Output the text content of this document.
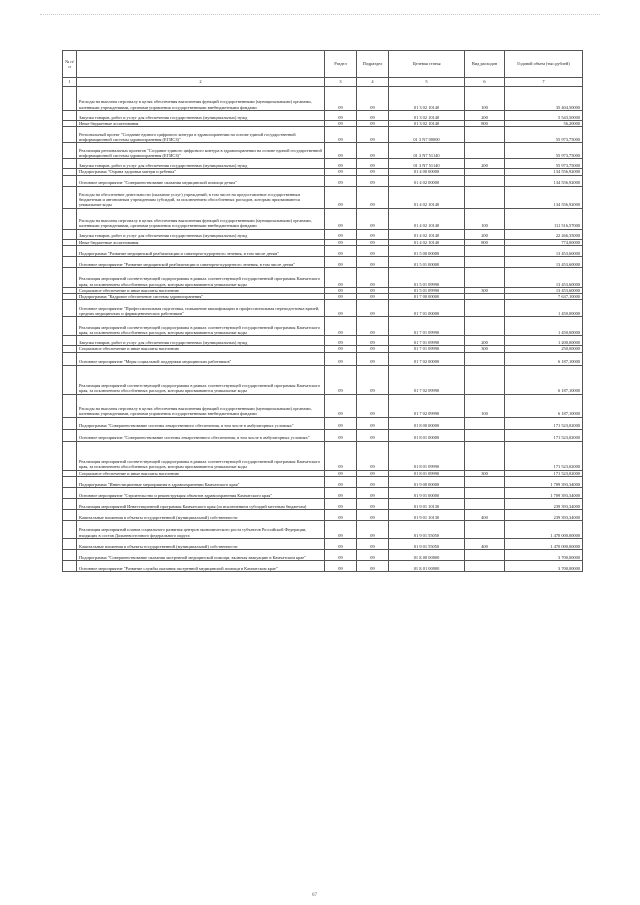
№ п/п		Раздел	Подраздел	Целевая статья	Вид расходов	Годовой объем (тыс.рублей)
1	2	3	4	5	6	7
	Расходы на выплаты персоналу в целях обеспечения выполнения функций государственными (муниципальными) органами, казенными учреждениями, органами управления государственными внебюджетными фондами	09	09	01 3 02 10140	100	35 404,50000
	Закупка товаров, работ и услуг для обеспечения государственных (муниципальных) нужд	09	09	01 3 02 10140	200	5 543,50000
	Иные бюджетные ассигнования	09	09	01 3 02 10140	800	56,20000
	Региональный проект "Создание единого цифрового контура в здравоохранении на основе единой государственной информационной системы здравоохранения (ЕГИСЗ)"	09	09	01 3 N7 00000		55 973,75000
	Реализация региональных проектов "Создание единого цифрового контура в здравоохранении на основе единой государственной информационной системы здравоохранения (ЕГИСЗ)"	09	09	01 3 N7 51140		55 973,75000
	Закупка товаров, работ и услуг для обеспечения государственных (муниципальных) нужд	09	09	01 3 N7 51140	200	55 973,75000
	Подпрограмма "Охрана здоровья матери и ребенка"	09	09	01 4 00 00000		134 556,92000
	Основное мероприятие "Совершенствование оказания медицинской помощи детям"	09	09	01 4 02 00000		134 556,92000
	Расходы на обеспечение деятельности (оказание услуг) учреждений, в том числе на предоставление государственным бюджетным и автономным учреждениям субсидий, за исключением обособленных расходов, которым присваиваются уникальные коды	09	09	01 4 02 10140		134 556,92000
	Расходы на выплаты персоналу в целях обеспечения выполнения функций государственными (муниципальными) органами, казенными учреждениями, органами управления государственными внебюджетными фондами	09	09	01 4 02 10140	100	111 516,57000
	Закупка товаров, работ и услуг для обеспечения государственных (муниципальных) нужд	09	09	01 4 02 10140	200	22 266,35000
	Иные бюджетные ассигнования	09	09	01 4 02 10140	800	774,00000
	Подпрограмма "Развитие медицинской реабилитации и санаторно-курортного лечения, в том числе детям"	09	09	01 5 00 00000		13 453,60000
	Основное мероприятие "Развитие медицинской реабилитации и санаторно-курортного лечения, в том числе детям"	09	09	01 5 01 00000		13 453,60000
	Реализация мероприятий соответствующей подпрограммы в рамках соответствующей государственной программы Камчатского края, за исключением обособленных расходов, которым присваиваются уникальные коды	09	09	01 5 01 09990		13 453,60000
	Социальное обеспечение и иные выплаты населению	09	09	01 5 01 09990	300	13 453,60000
	Подпрограмма "Кадровое обеспечение системы здравоохранения"	09	09	01 7 00 00000		7 637,10000
	Основное мероприятие "Профессиональная подготовка, повышение квалификации и профессиональная переподготовка врачей, средних медицинских и фармацевтических работников"	09	09	01 7 01 00000		1 450,00000
	Реализация мероприятий соответствующей подпрограммы в рамках соответствующей государственной программы Камчатского края, за исключением обособленных расходов, которым присваиваются уникальные коды	09	09	01 7 01 09990		1 450,00000
	Закупка товаров, работ и услуг для обеспечения государственных (муниципальных) нужд	09	09	01 7 01 09990	200	1 200,00000
	Социальное обеспечение и иные выплаты населению	09	09	01 7 01 09990	300	250,00000
	Основное мероприятие "Меры социальной поддержки медицинских работников"	09	09	01 7 02 00000		6 187,10000
	Реализация мероприятий соответствующей подпрограммы в рамках соответствующей государственной программы Камчатского края, за исключением обособленных расходов, которым присваиваются уникальные коды	09	09	01 7 02 09990		6 187,10000
	Расходы на выплаты персоналу в целях обеспечения выполнения функций государственными (муниципальными) органами, казенными учреждениями, органами управления государственными внебюджетными фондами	09	09	01 7 02 09990	100	6 187,10000
	Подпрограмма "Совершенствование системы лекарственного обеспечения, в том числе в амбулаторных условиях"	09	09	01 8 00 00000		171 523,02000
	Основное мероприятие "Совершенствование системы лекарственного обеспечения, в том числе в амбулаторных условиях"	09	09	01 8 01 00000		171 523,02000
	Реализация мероприятий соответствующей подпрограммы в рамках соответствующей государственной программы Камчатского края, за исключением обособленных расходов, которым присваиваются уникальные коды	09	09	01 8 01 09990		171 523,02000
	Социальное обеспечение и иные выплаты населению	09	09	01 8 01 09990	300	171 523,02000
	Подпрограмма "Инвестиционные мероприятия в здравоохранении Камчатского края"	09	09	01 9 00 00000		1 709 393,34000
	Основное мероприятие "Строительство и реконструкция объектов здравоохранения Камчатского края"	09	09	01 9 01 00000		1 709 393,34000
	Реализация мероприятий Инвестиционной программы Камчатского края (за исключением субсидий местным бюджетам)	09	09	01 9 01 10130		239 393,34000
	Капитальные вложения в объекты государственной (муниципальной) собственности	09	09	01 9 01 10130	400	239 393,34000
	Реализация мероприятий планов социального развития центров экономического роста субъектов Российской Федерации, входящих в состав Дальневосточного федерального округа	09	09	01 9 01 55050		1 470 000,00000
	Капитальные вложения в объекты государственной (муниципальной) собственности	09	09	01 9 01 55050	400	1 470 000,00000
	Подпрограмма "Совершенствование оказания экстренной медицинской помощи, включая эвакуацию в Камчатском крае"	09	09	01 Б 00 00000		3 700,00000
	Основное мероприятие "Развитие службы оказания экстренной медицинской помощи в Камчатском крае"	09	09	01 Б 01 00000		3 700,00000
67
